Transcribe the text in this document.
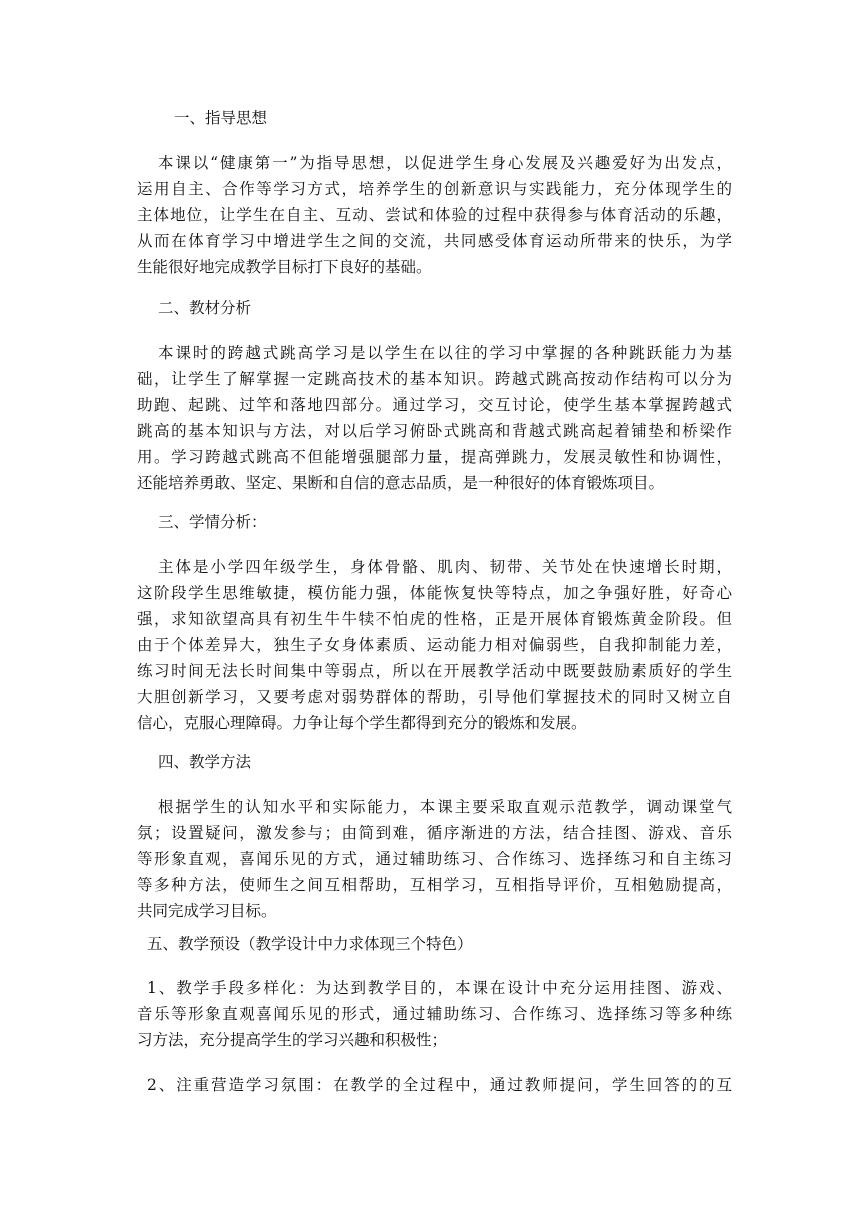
一、指导思想
本课以“健康第一”为指导思想，以促进学生身心发展及兴趣爱好为出发点，
运用自主、合作等学习方式，培养学生的创新意识与实践能力，充分体现学生的
主体地位，让学生在自主、互动、尝试和体验的过程中获得参与体育活动的乐趣，
从而在体育学习中增进学生之间的交流，共同感受体育运动所带来的快乐，为学
生能很好地完成教学目标打下良好的基础。
二、教材分析
本课时的跨越式跳高学习是以学生在以往的学习中掌握的各种跳跃能力为基
础，让学生了解掌握一定跳高技术的基本知识。跨越式跳高按动作结构可以分为
助跑、起跳、过竿和落地四部分。通过学习，交互讨论，使学生基本掌握跨越式
跳高的基本知识与方法，对以后学习俯卧式跳高和背越式跳高起着铺垫和桥梁作
用。学习跨越式跳高不但能增强腿部力量，提高弹跳力，发展灵敏性和协调性，
还能培养勇敢、坚定、果断和自信的意志品质，是一种很好的体育锻炼项目。
三、学情分析：
主体是小学四年级学生，身体骨骼、肌肉、韧带、关节处在快速增长时期，
这阶段学生思维敏捷，模仿能力强，体能恢复快等特点，加之争强好胜，好奇心
强，求知欲望高具有初生牛牛犊不怕虎的性格，正是开展体育锻炼黄金阶段。但
由于个体差异大，独生子女身体素质、运动能力相对偏弱些，自我抑制能力差，
练习时间无法长时间集中等弱点，所以在开展教学活动中既要鼓励素质好的学生
大胆创新学习，又要考虑对弱势群体的帮助，引导他们掌握技术的同时又树立自
信心，克服心理障碍。力争让每个学生都得到充分的锻炼和发展。
四、教学方法
根据学生的认知水平和实际能力，本课主要采取直观示范教学，调动课堂气
氛；设置疑问，激发参与；由简到难，循序渐进的方法，结合挂图、游戏、音乐
等形象直观，喜闻乐见的方式，通过辅助练习、合作练习、选择练习和自主练习
等多种方法，使师生之间互相帮助，互相学习，互相指导评价，互相勉励提高，
共同完成学习目标。
五、教学预设（教学设计中力求体现三个特色）
1、教学手段多样化：为达到教学目的，本课在设计中充分运用挂图、游戏、
音乐等形象直观喜闻乐见的形式，通过辅助练习、合作练习、选择练习等多种练
习方法，充分提高学生的学习兴趣和积极性；
2、注重营造学习氛围：在教学的全过程中，通过教师提问，学生回答的的互
